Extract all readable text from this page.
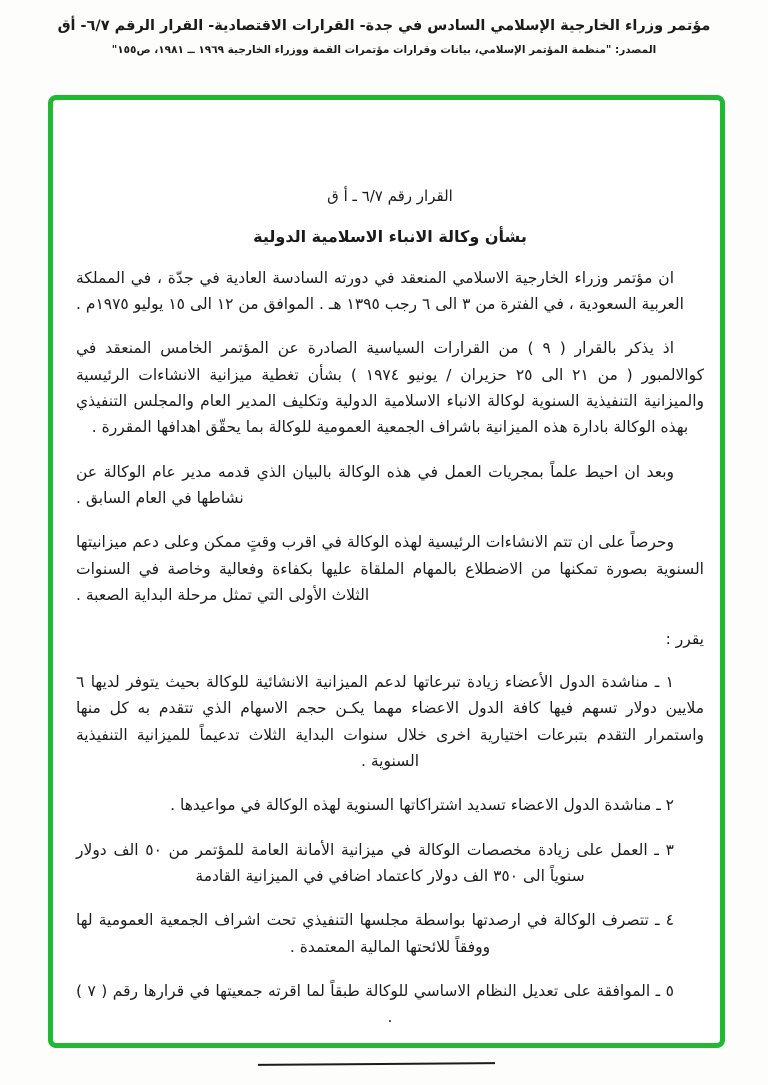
مؤتمر وزراء الخارجية الإسلامي السادس في جدة- القرارات الاقتصادية- القرار الرقم ٦/٧- أق
المصدر: "منظمة المؤتمر الإسلامي، بيانات وقرارات مؤتمرات القمة ووزراء الخارجية ١٩٦٩ ــ ١٩٨١، ص١٥٥"
القرار رقم ٦/٧ ـ أ ق
بشأن وكالة الانباء الاسلامية الدولية

ان مؤتمر وزراء الخارجية الاسلامي المنعقد في دورته السادسة العادية في جدّة ، في المملكة العربية السعودية ، في الفترة من ٣ الى ٦ رجب ١٣٩٥ هـ . الموافق من ١٢ الى ١٥ يوليو ١٩٧٥م .

اذ يذكر بالقرار ( ٩ ) من القرارات السياسية الصادرة عن المؤتمر الخامس المنعقد في كوالالمبور ( من ٢١ الى ٢٥ حزيران / يونيو ١٩٧٤ ) بشأن تغطية ميزانية الانشاءات الرئيسية والميزانية التنفيذية السنوية لوكالة الانباء الاسلامية الدولية وتكليف المدير العام والمجلس التنفيذي بهذه الوكالة بادارة هذه الميزانية باشراف الجمعية العمومية للوكالة بما يحقّق اهدافها المقررة .

وبعد ان احيط علماً بمجريات العمل في هذه الوكالة بالبيان الذي قدمه مدير عام الوكالة عن نشاطها في العام السابق .

وحرصاً على ان تتم الانشاءات الرئيسية لهذه الوكالة في اقرب وقتٍ ممكن وعلى دعم ميزانيتها السنوية بصورة تمكنها من الاضطلاع بالمهام الملقاة عليها بكفاءة وفعالية وخاصة في السنوات الثلاث الأولى التي تمثل مرحلة البداية الصعبة .

يقرر :

١ ـ مناشدة الدول الأعضاء زيادة تبرعاتها لدعم الميزانية الانشائية للوكالة بحيث يتوفر لديها ٦ ملايين دولار تسهم فيها كافة الدول الاعضاء مهما يكـن حجم الاسهام الذي تتقدم به كل منها واستمرار التقدم بتبرعات اختيارية اخرى خلال سنوات البداية الثلاث تدعيماً للميزانية التنفيذية السنوية .

٢ ـ مناشدة الدول الاعضاء تسديد اشتراكاتها السنوية لهذه الوكالة في مواعيدها .

٣ ـ العمل على زيادة مخصصات الوكالة في ميزانية الأمانة العامة للمؤتمر من ٥٠ الف دولار سنوياً الى ٣٥٠ الف دولار كاعتماد اضافي في الميزانية القادمة

٤ ـ تتصرف الوكالة في ارصدتها بواسطة مجلسها التنفيذي تحت اشراف الجمعية العمومية لها ووفقاً للائحتها المالية المعتمدة .

٥ ـ الموافقة على تعديل النظام الاساسي للوكالة طبقاً لما اقرته جمعيتها في قرارها رقم ( ٧ ) .
